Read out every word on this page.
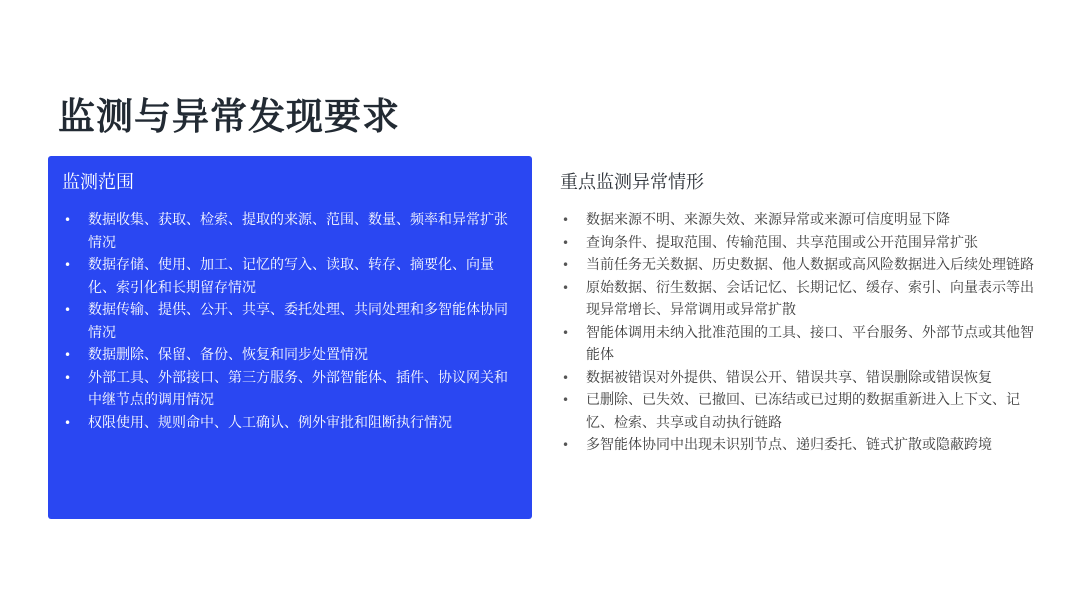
监测与异常发现要求
监测范围
• 数据收集、获取、检索、提取的来源、范围、数量、频率和异常扩张情况
• 数据存储、使用、加工、记忆的写入、读取、转存、摘要化、向量化、索引化和长期留存情况
• 数据传输、提供、公开、共享、委托处理、共同处理和多智能体协同情况
• 数据删除、保留、备份、恢复和同步处置情况
• 外部工具、外部接口、第三方服务、外部智能体、插件、协议网关和中继节点的调用情况
• 权限使用、规则命中、人工确认、例外审批和阻断执行情况
重点监测异常情形
• 数据来源不明、来源失效、来源异常或来源可信度明显下降
• 查询条件、提取范围、传输范围、共享范围或公开范围异常扩张
• 当前任务无关数据、历史数据、他人数据或高风险数据进入后续处理链路
• 原始数据、衍生数据、会话记忆、长期记忆、缓存、索引、向量表示等出现异常增长、异常调用或异常扩散
• 智能体调用未纳入批准范围的工具、接口、平台服务、外部节点或其他智能体
• 数据被错误对外提供、错误公开、错误共享、错误删除或错误恢复
• 已删除、已失效、已撤回、已冻结或已过期的数据重新进入上下文、记忆、检索、共享或自动执行链路
• 多智能体协同中出现未识别节点、递归委托、链式扩散或隐蔽跨境
